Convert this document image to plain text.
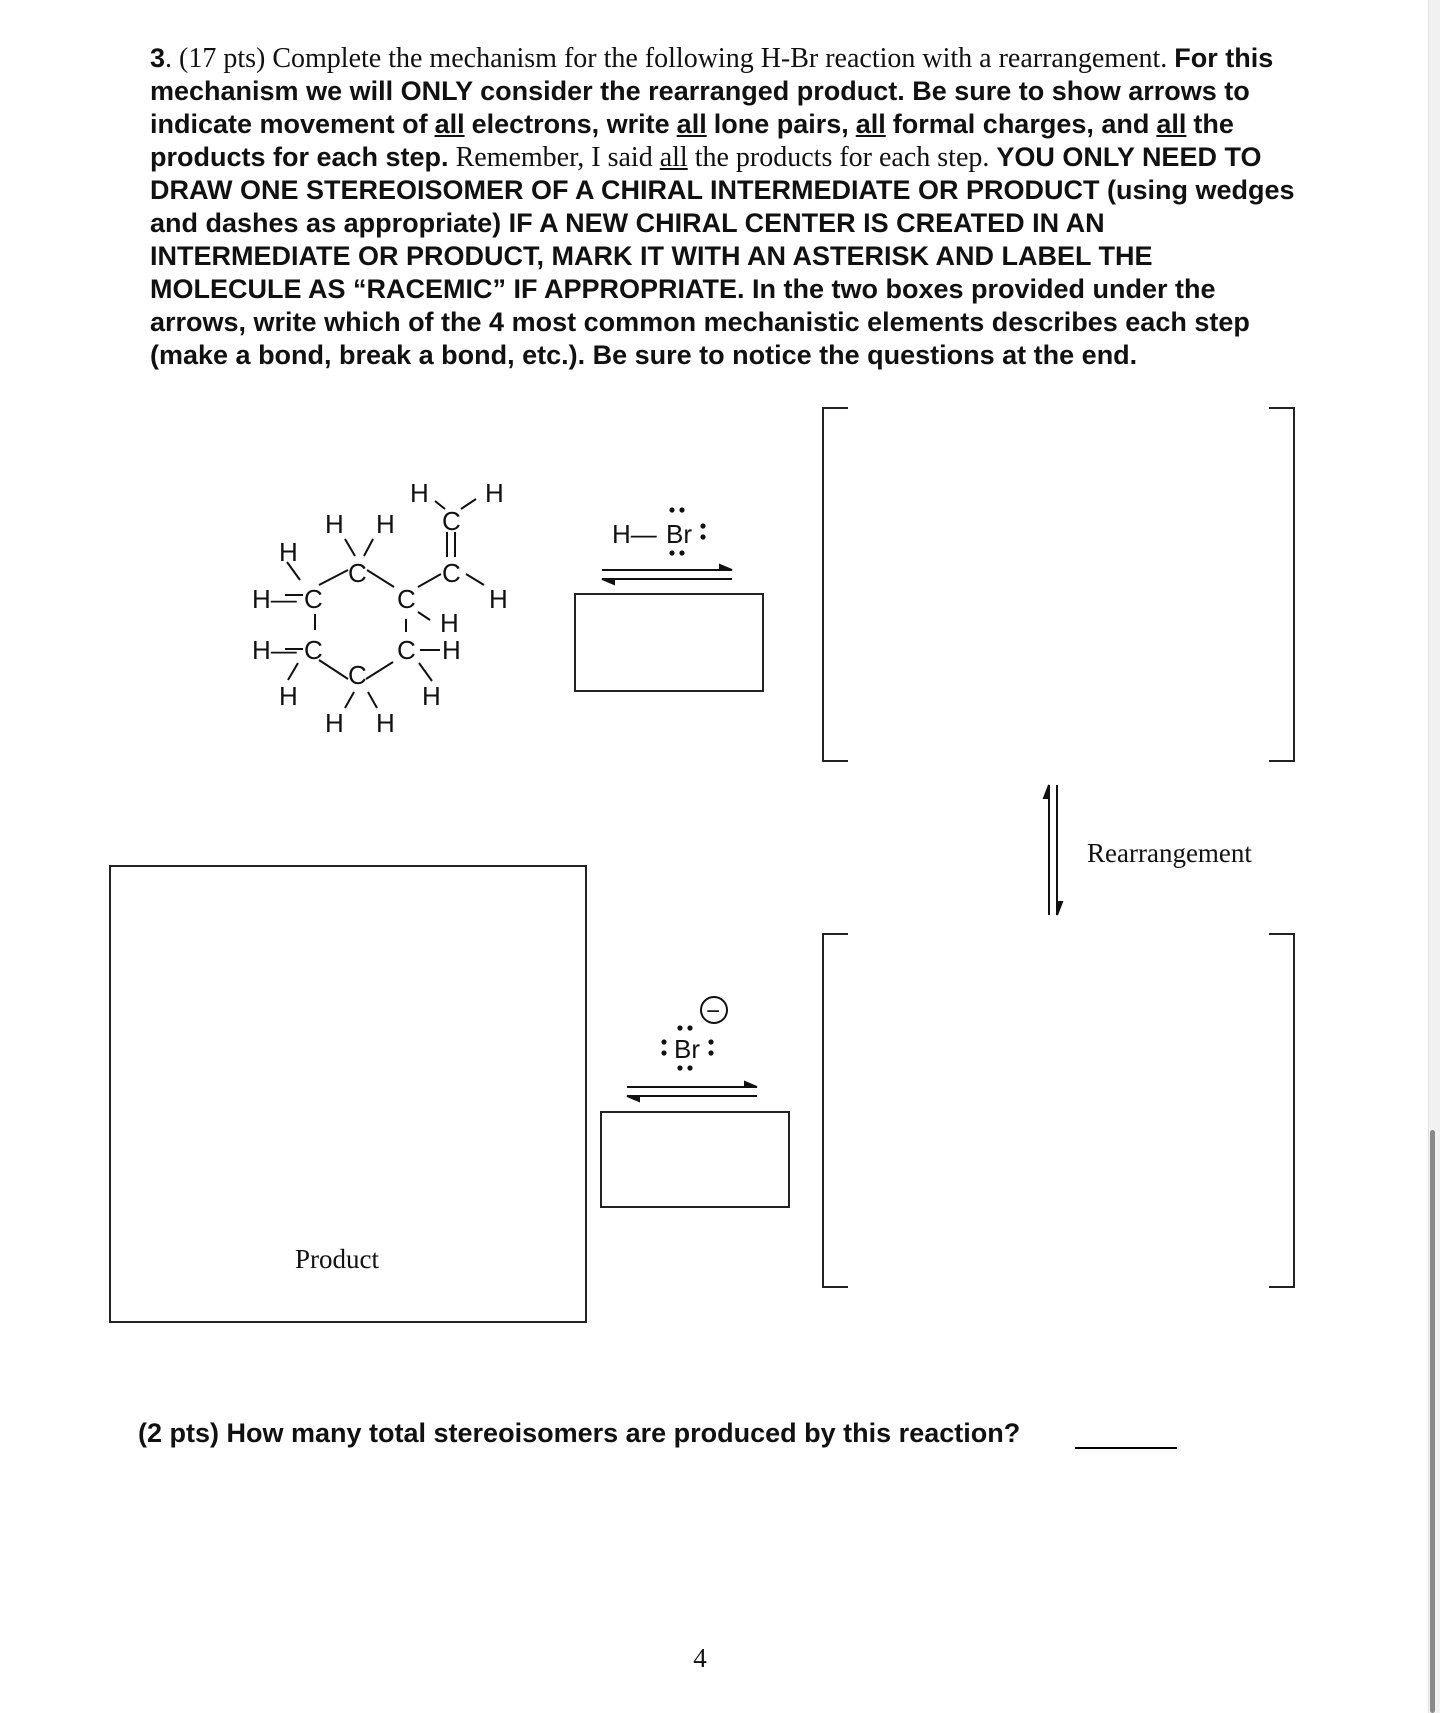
3. (17 pts) Complete the mechanism for the following H-Br reaction with a rearrangement. For this mechanism we will ONLY consider the rearranged product. Be sure to show arrows to indicate movement of all electrons, write all lone pairs, all formal charges, and all the products for each step. Remember, I said all the products for each step. YOU ONLY NEED TO DRAW ONE STEREOISOMER OF A CHIRAL INTERMEDIATE OR PRODUCT (using wedges and dashes as appropriate) IF A NEW CHIRAL CENTER IS CREATED IN AN INTERMEDIATE OR PRODUCT, MARK IT WITH AN ASTERISK AND LABEL THE MOLECULE AS “RACEMIC” IF APPROPRIATE. In the two boxes provided under the arrows, write which of the 4 most common mechanistic elements describes each step (make a bond, break a bond, etc.). Be sure to notice the questions at the end.

H H
C
H H
H
C	C
H— C	C	H
H
H— C	C H
C
H	H
H H
H— Br
Br
−
Rearrangement
Product
(2 pts) How many total stereoisomers are produced by this reaction?
4
